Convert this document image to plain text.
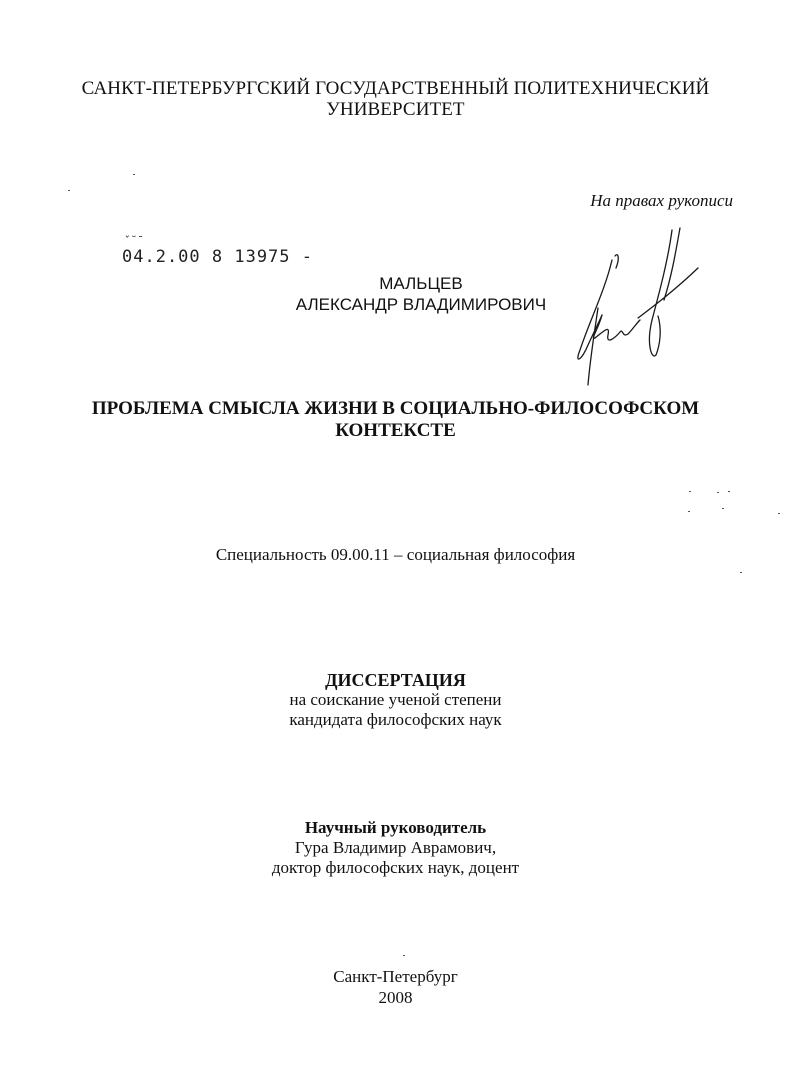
САНКТ-ПЕТЕРБУРГСКИЙ ГОСУДАРСТВЕННЫЙ ПОЛИТЕХНИЧЕСКИЙ
УНИВЕРСИТЕТ
На правах рукописи
ˇ˘ˉ
04.2.00 8 13975 -
МАЛЬЦЕВ
АЛЕКСАНДР ВЛАДИМИРОВИЧ
ПРОБЛЕМА СМЫСЛА ЖИЗНИ В СОЦИАЛЬНО-ФИЛОСОФСКОМ
КОНТЕКСТЕ
Специальность 09.00.11 – социальная философия
ДИССЕРТАЦИЯ
на соискание ученой степени
кандидата философских наук
Научный руководитель
Гура Владимир Аврамович,
доктор философских наук, доцент
Санкт-Петербург
2008
